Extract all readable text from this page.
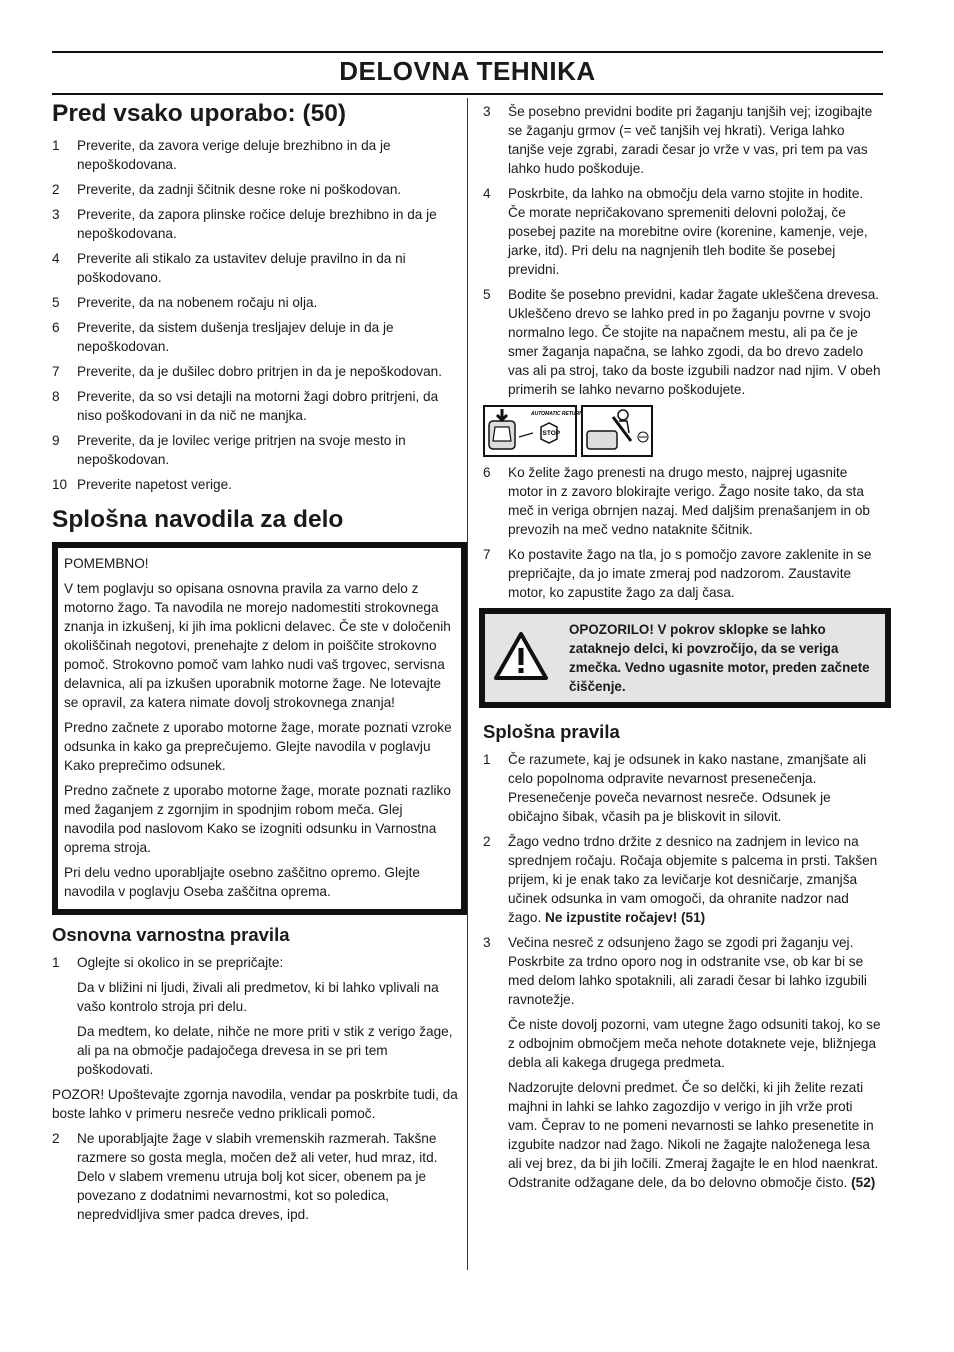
DELOVNA TEHNIKA
Pred vsako uporabo: (50)
1	Preverite, da zavora verige deluje brezhibno in da je nepoškodovana.
2	Preverite, da zadnji ščitnik desne roke ni poškodovan.
3	Preverite, da zapora plinske ročice deluje brezhibno in da je nepoškodovana.
4	Preverite ali stikalo za ustavitev deluje pravilno in da ni poškodovano.
5	Preverite, da na nobenem ročaju ni olja.
6	Preverite, da sistem dušenja tresljajev deluje in da je nepoškodovan.
7	Preverite, da je dušilec dobro pritrjen in da je nepoškodovan.
8	Preverite, da so vsi detajli na motorni žagi dobro pritrjeni, da niso poškodovani in da nič ne manjka.
9	Preverite, da je lovilec verige pritrjen na svoje mesto in nepoškodovan.
10 Preverite napetost verige.
Splošna navodila za delo

POMEMBNO!

V tem poglavju so opisana osnovna pravila za varno delo z motorno žago. Ta navodila ne morejo nadomestiti strokovnega znanja in izkušenj, ki jih ima poklicni delavec. Če ste v določenih okoliščinah negotovi, prenehajte z delom in poiščite strokovno pomoč. Strokovno pomoč vam lahko nudi vaš trgovec, servisna delavnica, ali pa izkušen uporabnik motorne žage. Ne lotevajte se opravil, za katera nimate dovolj strokovnega znanja!

Predno začnete z uporabo motorne žage, morate poznati vzroke odsunka in kako ga preprečujemo. Glejte navodila v poglavju Kako preprečimo odsunek.

Predno začnete z uporabo motorne žage, morate poznati razliko med žaganjem z zgornjim in spodnjim robom meča. Glej navodila pod naslovom Kako se izogniti odsunku in Varnostna oprema stroja.

Pri delu vedno uporabljajte osebno zaščitno opremo. Glejte navodila v poglavju Oseba zaščitna oprema.

Osnovna varnostna pravila
1	Oglejte si okolico in se prepričajte:
Da v bližini ni ljudi, živali ali predmetov, ki bi lahko vplivali na vašo kontrolo stroja pri delu.
Da medtem, ko delate, nihče ne more priti v stik z verigo žage, ali pa na območje padajočega drevesa in se pri tem poškodovati.

POZOR! Upoštevajte zgornja navodila, vendar pa poskrbite tudi, da boste lahko v primeru nesreče vedno priklicali pomoč.

2	Ne uporabljajte žage v slabih vremenskih razmerah. Takšne razmere so gosta megla, močen dež ali veter, hud mraz, itd. Delo v slabem vremenu utruja bolj kot sicer, obenem pa je povezano z dodatnimi nevarnostmi, kot so poledica, nepredvidljiva smer padca dreves, ipd.
3	Še posebno previdni bodite pri žaganju tanjših vej; izogibajte se žaganju grmov (= več tanjših vej hkrati). Veriga lahko tanjše veje zgrabi, zaradi česar jo vrže v vas, pri tem pa vas lahko hudo poškoduje.
4	Poskrbite, da lahko na območju dela varno stojite in hodite. Če morate nepričakovano spremeniti delovni položaj, če posebej pazite na morebitne ovire (korenine, kamenje, veje, jarke, itd). Pri delu na nagnjenih tleh bodite še posebej previdni.
5	Bodite še posebno previdni, kadar žagate ukleščena drevesa. Ukleščeno drevo se lahko pred in po žaganju povrne v svojo normalno lego. Če stojite na napačnem mestu, ali pa če je smer žaganja napačna, se lahko zgodi, da bo drevo zadelo vas ali pa stroj, tako da boste izgubili nadzor nad njim. V obeh primerih se lahko nevarno poškodujete.
AUTOMATIC RETURN
STOP
6	Ko želite žago prenesti na drugo mesto, najprej ugasnite motor in z zavoro blokirajte verigo. Žago nosite tako, da sta meč in veriga obrnjen nazaj. Med daljšim prenašanjem in ob prevozih na meč vedno nataknite ščitnik.
7	Ko postavite žago na tla, jo s pomočjo zavore zaklenite in se prepričajte, da jo imate zmeraj pod nadzorom. Zaustavite motor, ko zapustite žago za dalj časa.
OPOZORILO! V pokrov sklopke se lahko zataknejo delci, ki povzročijo, da se veriga zmečka. Vedno ugasnite motor, preden začnete čiščenje.
Splošna pravila
1	Če razumete, kaj je odsunek in kako nastane, zmanjšate ali celo popolnoma odpravite nevarnost presenečenja. Presenečenje poveča nevarnost nesreče. Odsunek je običajno šibak, včasih pa je bliskovit in silovit.
2	Žago vedno trdno držite z desnico na zadnjem in levico na sprednjem ročaju. Ročaja objemite s palcema in prsti. Takšen prijem, ki je enak tako za levičarje kot desničarje, zmanjša učinek odsunka in vam omogoči, da ohranite nadzor nad žago. Ne izpustite ročajev! (51)
3	Večina nesreč z odsunjeno žago se zgodi pri žaganju vej. Poskrbite za trdno oporo nog in odstranite vse, ob kar bi se med delom lahko spotaknili, ali zaradi česar bi lahko izgubili ravnotežje.
Če niste dovolj pozorni, vam utegne žago odsuniti takoj, ko se z odbojnim območjem meča nehote dotaknete veje, bližnjega debla ali kakega drugega predmeta.
Nadzorujte delovni predmet. Če so delčki, ki jih želite rezati majhni in lahki se lahko zagozdijo v verigo in jih vrže proti vam. Čeprav to ne pomeni nevarnosti se lahko presenetite in izgubite nadzor nad žago. Nikoli ne žagajte naloženega lesa ali vej brez, da bi jih ločili. Zmeraj žagajte le en hlod naenkrat. Odstranite odžagane dele, da bo delovno območje čisto. (52)
